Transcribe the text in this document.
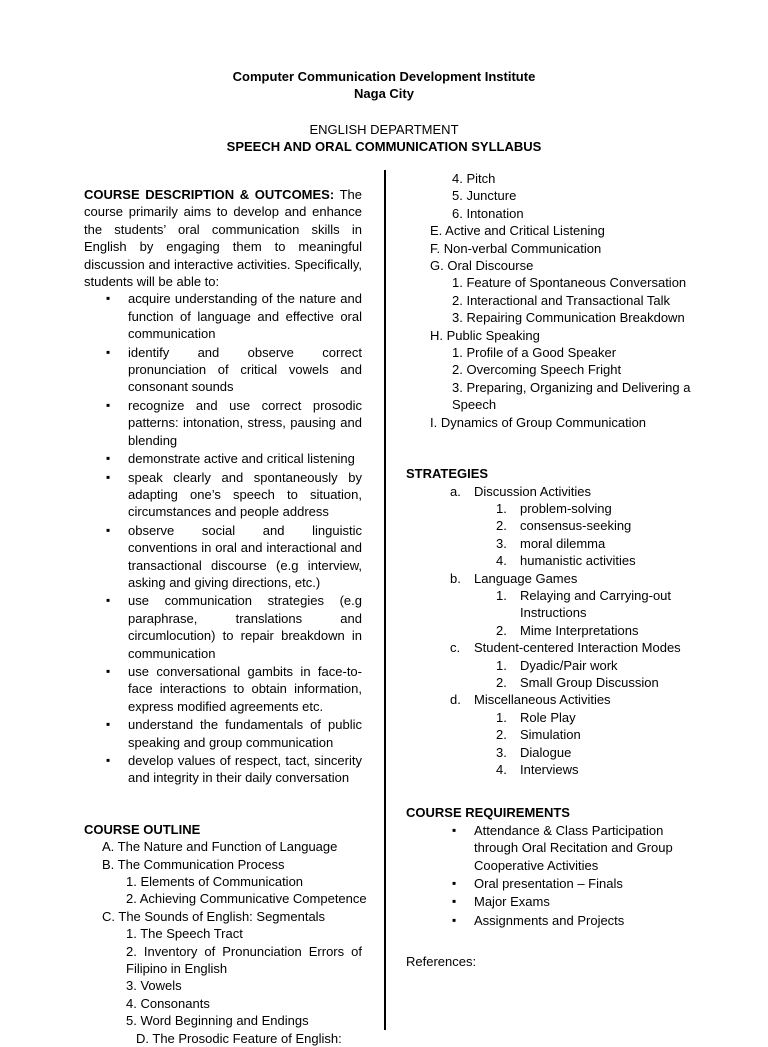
Computer Communication Development Institute
Naga City
ENGLISH DEPARTMENT
SPEECH AND ORAL COMMUNICATION SYLLABUS

COURSE DESCRIPTION & OUTCOMES: The course primarily aims to develop and enhance the students’ oral communication skills in English by engaging them to meaningful discussion and interactive activities. Specifically, students will be able to:

▪ acquire understanding of the nature and function of language and effective oral communication
▪ identify and observe correct pronunciation of critical vowels and consonant sounds
▪ recognize and use correct prosodic patterns: intonation, stress, pausing and blending
▪ demonstrate active and critical listening
▪ speak clearly and spontaneously by adapting one’s speech to situation, circumstances and people address
▪ observe social and linguistic conventions in oral and interactional and transactional discourse (e.g interview, asking and giving directions, etc.)
▪ use communication strategies (e.g paraphrase, translations and circumlocution) to repair breakdown in communication
▪ use conversational gambits in face-to-face interactions to obtain information, express modified agreements etc.
▪ understand the fundamentals of public speaking and group communication
▪ develop values of respect, tact, sincerity and integrity in their daily conversation
COURSE OUTLINE
A. The Nature and Function of Language
B. The Communication Process
1. Elements of Communication
2. Achieving Communicative Competence
C. The Sounds of English: Segmentals
1. The Speech Tract
2. Inventory of Pronunciation Errors of Filipino in English
3. Vowels
4. Consonants
5. Word Beginning and Endings
D. The Prosodic Feature of English:
4. Pitch
5. Juncture
6. Intonation
E. Active and Critical Listening
F. Non-verbal Communication
G. Oral Discourse
1. Feature of Spontaneous Conversation
2. Interactional and Transactional Talk
3. Repairing Communication Breakdown
H. Public Speaking
1. Profile of a Good Speaker
2. Overcoming Speech Fright
3. Preparing, Organizing and Delivering a Speech
I. Dynamics of Group Communication
STRATEGIES
a. Discussion Activities
1.	problem-solving
2.	consensus-seeking
3.	moral dilemma
4.	humanistic activities
b. Language Games
1.	Relaying and Carrying-out Instructions
2.	Mime Interpretations
c. Student-centered Interaction Modes
1.	Dyadic/Pair work
2.	Small Group Discussion
d. Miscellaneous Activities
1.	Role Play
2.	Simulation
3.	Dialogue
4.	Interviews
COURSE REQUIREMENTS
▪ Attendance & Class Participation through Oral Recitation and Group Cooperative Activities
▪ Oral presentation – Finals
▪ Major Exams
▪ Assignments and Projects
References:
